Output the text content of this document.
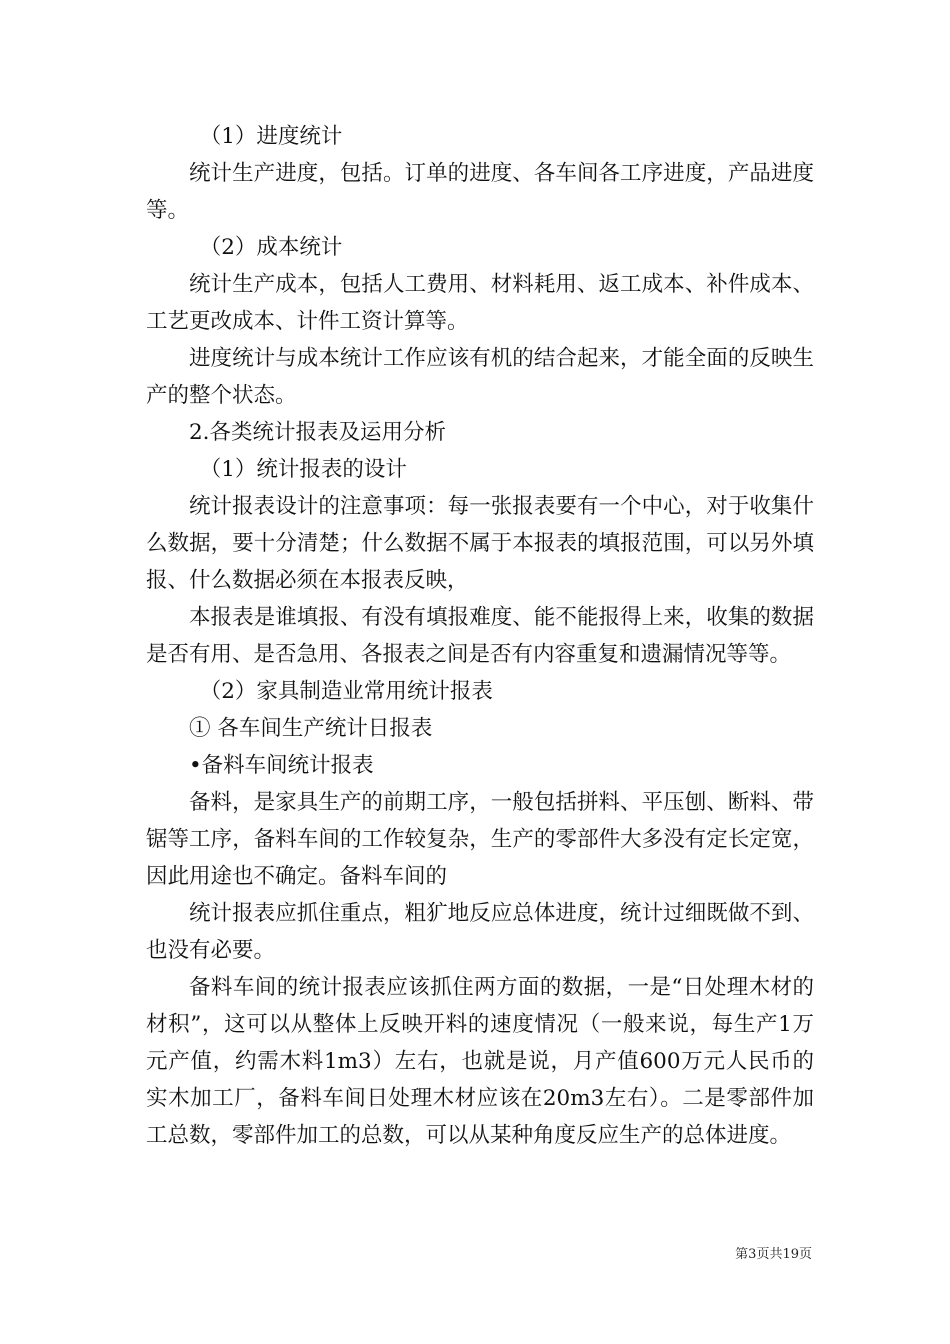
（1）进度统计

统计生产进度，包括。订单的进度、各车间各工序进度，产品进度等。

（2）成本统计

统计生产成本，包括人工费用、材料耗用、返工成本、补件成本、工艺更改成本、计件工资计算等。

进度统计与成本统计工作应该有机的结合起来，才能全面的反映生产的整个状态。

2.各类统计报表及运用分析

（1）统计报表的设计

统计报表设计的注意事项：每一张报表要有一个中心，对于收集什么数据，要十分清楚；什么数据不属于本报表的填报范围，可以另外填报、什么数据必须在本报表反映，

本报表是谁填报、有没有填报难度、能不能报得上来，收集的数据是否有用、是否急用、各报表之间是否有内容重复和遗漏情况等等。

（2）家具制造业常用统计报表

① 各车间生产统计日报表

•备料车间统计报表

备料，是家具生产的前期工序，一般包括拼料、平压刨、断料、带锯等工序，备料车间的工作较复杂，生产的零部件大多没有定长定宽，因此用途也不确定。备料车间的

统计报表应抓住重点，粗犷地反应总体进度，统计过细既做不到、也没有必要。

备料车间的统计报表应该抓住两方面的数据，一是“日处理木材的材积”，这可以从整体上反映开料的速度情况（一般来说，每生产1万元产值，约需木料1m3）左右，也就是说，月产值600万元人民币的实木加工厂，备料车间日处理木材应该在20m3左右）。二是零部件加工总数，零部件加工的总数，可以从某种角度反应生产的总体进度。

第3页共19页
